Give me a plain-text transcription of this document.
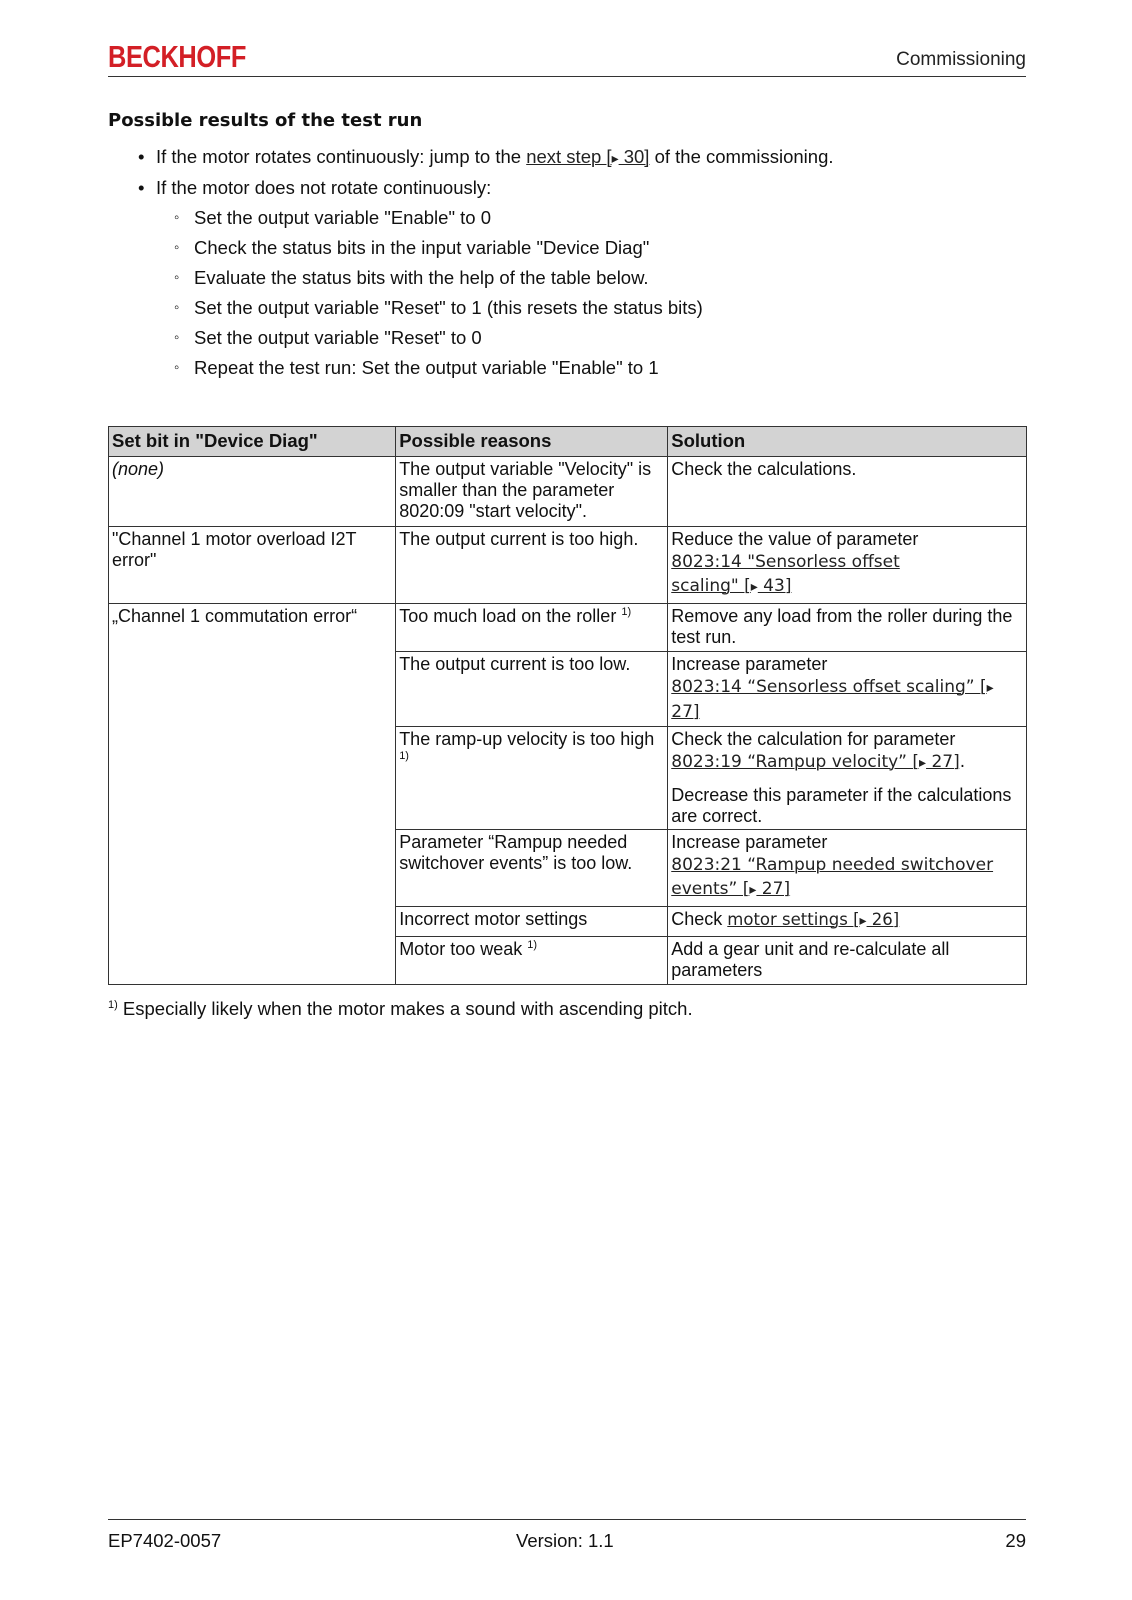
BECKHOFF	Commissioning
Possible results of the test run
• If the motor rotates continuously: jump to the next step [▸ 30] of the commissioning.
• If the motor does not rotate continuously:
◦ Set the output variable "Enable" to 0
◦ Check the status bits in the input variable "Device Diag"
◦ Evaluate the status bits with the help of the table below.
◦ Set the output variable "Reset" to 1 (this resets the status bits)
◦ Set the output variable "Reset" to 0
◦ Repeat the test run: Set the output variable "Enable" to 1
Set bit in "Device Diag"	Possible reasons	Solution
(none)	The output variable "Velocity" is smaller than the parameter 8020:09 "start velocity".	Check the calculations.
"Channel 1 motor overload I2T error"	The output current is too high.	Reduce the value of parameter
8023:14 "Sensorless offset
scaling" [▸ 43]

„Channel 1 commutation error“	Too much load on the roller $^{1)}$	Remove any load from the roller during the test run.
	The output current is too low.	Increase parameter
8023:14 “Sensorless offset scaling” [▸ 27]

	The ramp-up velocity is too high $^{1)}$	Check the calculation for parameter
8023:19 “Rampup velocity” [▸ 27].
Decrease this parameter if the calculations are correct.
	Parameter “Rampup needed switchover events” is too low.	Increase parameter
8023:21 “Rampup needed switchover
events” [▸ 27]

	Incorrect motor settings	Check motor settings [▸ 26]
	Motor too weak $^{1)}$	Add a gear unit and re-calculate all parameters
$^{1)}$ Especially likely when the motor makes a sound with ascending pitch.
EP7402-0057	Version: 1.1	29
